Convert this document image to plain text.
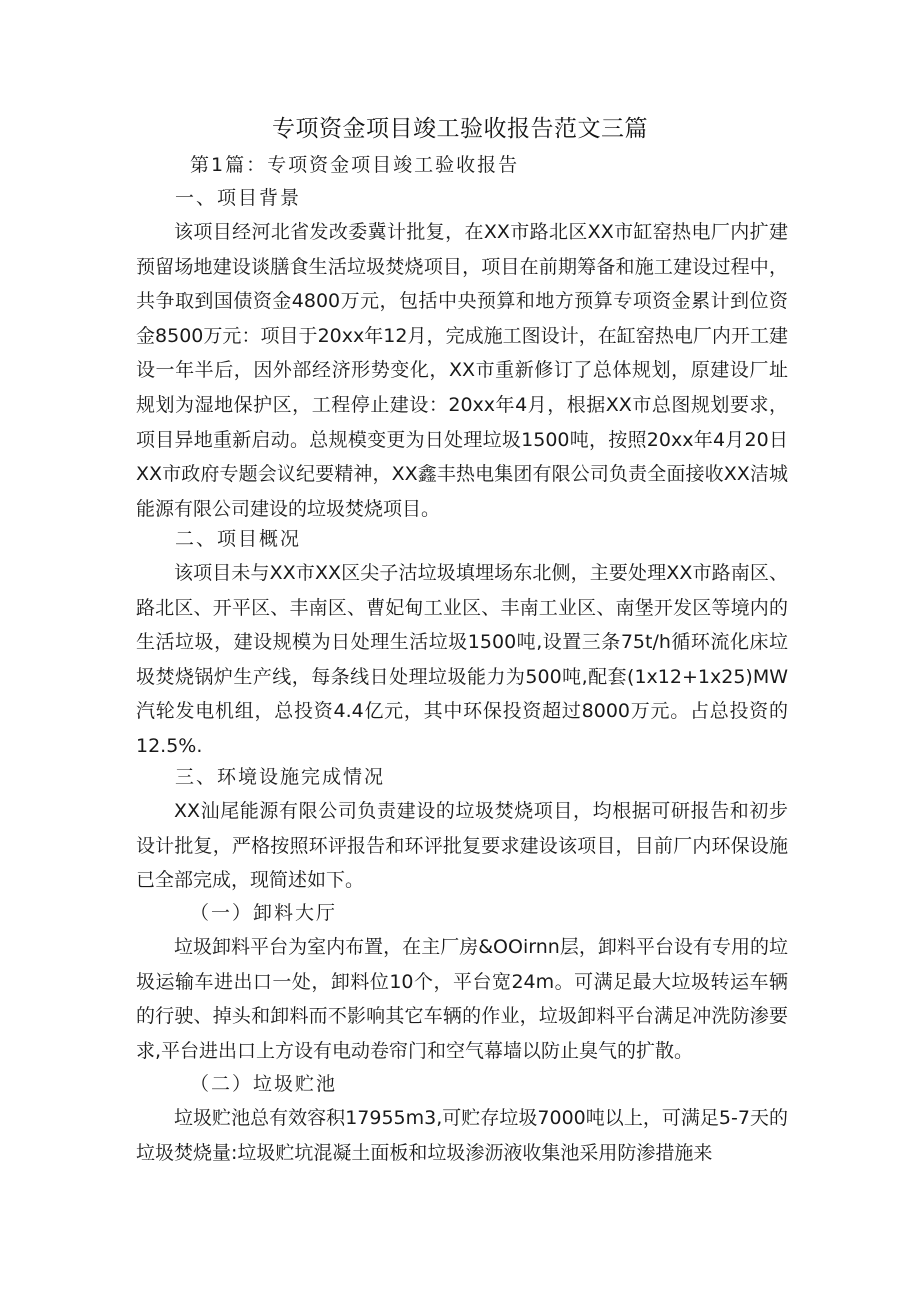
专项资金项目竣工验收报告范文三篇
第1篇：专项资金项目竣工验收报告
一、项目背景
该项目经河北省发改委冀计批复，在XX市路北区XX市缸窑热电厂内扩建预留场地建设谈膳食生活垃圾焚烧项目，项目在前期筹备和施工建设过程中，共争取到国债资金4800万元，包括中央预算和地方预算专项资金累计到位资金8500万元：项目于20xx年12月，完成施工图设计，在缸窑热电厂内开工建设一年半后，因外部经济形势变化，XX市重新修订了总体规划，原建设厂址规划为湿地保护区，工程停止建设：20xx年4月，根据XX市总图规划要求，项目异地重新启动。总规模变更为日处理垃圾1500吨，按照20xx年4月20日XX市政府专题会议纪要精神，XX鑫丰热电集团有限公司负责全面接收XX洁城能源有限公司建设的垃圾焚烧项目。
二、项目概况
该项目未与XX市XX区尖子沽垃圾填埋场东北侧，主要处理XX市路南区、路北区、开平区、丰南区、曹妃甸工业区、丰南工业区、南堡开发区等境内的生活垃圾，建设规模为日处理生活垃圾1500吨,设置三条75t/h循环流化床垃圾焚烧锅炉生产线，每条线日处理垃圾能力为500吨,配套(1x12+1x25)MW汽轮发电机组，总投资4.4亿元，其中环保投资超过8000万元。占总投资的12.5%.
三、环境设施完成情况
XX汕尾能源有限公司负责建设的垃圾焚烧项目，均根据可研报告和初步设计批复，严格按照环评报告和环评批复要求建设该项目，目前厂内环保设施已全部完成，现简述如下。
（一）卸料大厅
垃圾卸料平台为室内布置，在主厂房&OOirnn层，卸料平台设有专用的垃圾运输车进出口一处，卸料位10个，平台宽24m。可满足最大垃圾转运车辆的行驶、掉头和卸料而不影响其它车辆的作业，垃圾卸料平台满足冲洗防渗要求,平台进出口上方设有电动卷帘门和空气幕墙以防止臭气的扩散。
（二）垃圾贮池
垃圾贮池总有效容积17955m3,可贮存垃圾7000吨以上，可满足5-7天的垃圾焚烧量:垃圾贮坑混凝土面板和垃圾渗沥液收集池采用防渗措施来
